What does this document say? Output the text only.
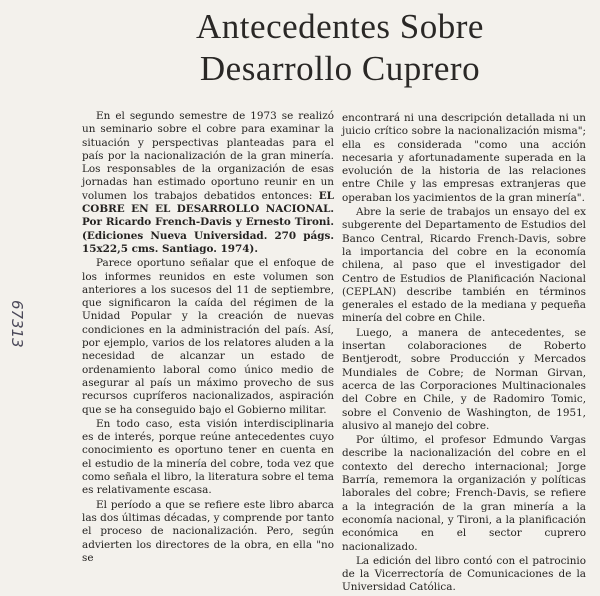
Antecedentes Sobre
Desarrollo Cuprero
67313

En el segundo semestre de 1973 se realizó un seminario sobre el cobre para examinar la situación y perspectivas planteadas para el país por la nacionalización de la gran minería. Los responsables de la organización de esas jornadas han estimado oportuno reunir en un volumen los trabajos debatidos entonces: EL COBRE EN EL DESARROLLO NACIONAL. Por Ricardo French-Davis y Ernesto Tironi. (Ediciones Nueva Universidad. 270 págs. 15x22,5 cms. Santiago. 1974).

Parece oportuno señalar que el enfoque de los informes reunidos en este volumen son anteriores a los sucesos del 11 de septiembre, que significaron la caída del régimen de la Unidad Popular y la creación de nuevas condiciones en la administración del país. Así, por ejemplo, varios de los relatores aluden a la necesidad de alcanzar un estado de ordenamiento laboral como único medio de asegurar al país un máximo provecho de sus recursos cupríferos nacionalizados, aspiración que se ha conseguido bajo el Gobierno militar.

En todo caso, esta visión interdisciplinaria es de interés, porque reúne antecedentes cuyo conocimiento es oportuno tener en cuenta en el estudio de la minería del cobre, toda vez que como señala el libro, la literatura sobre el tema es relativamente escasa.

El período a que se refiere este libro abarca las dos últimas décadas, y comprende por tanto el proceso de nacionalización. Pero, según advierten los directores de la obra, en ella "no se

encontrará ni una descripción detallada ni un juicio crítico sobre la nacionalización misma"; ella es considerada "como una acción necesaria y afortunadamente superada en la evolución de la historia de las relaciones entre Chile y las empresas extranjeras que operaban los yacimientos de la gran minería".

Abre la serie de trabajos un ensayo del ex subgerente del Departamento de Estudios del Banco Central, Ricardo French-Davis, sobre la importancia del cobre en la economía chilena, al paso que el investigador del Centro de Estudios de Planificación Nacional (CEPLAN) describe también en términos generales el estado de la mediana y pequeña minería del cobre en Chile.

Luego, a manera de antecedentes, se insertan colaboraciones de Roberto Bentjerodt, sobre Producción y Mercados Mundiales de Cobre; de Norman Girvan, acerca de las Corporaciones Multinacionales del Cobre en Chile, y de Radomiro Tomic, sobre el Convenio de Washington, de 1951, alusivo al manejo del cobre.

Por último, el profesor Edmundo Vargas describe la nacionalización del cobre en el contexto del derecho internacional; Jorge Barría, rememora la organización y políticas laborales del cobre; French-Davis, se refiere a la integración de la gran minería a la economía nacional, y Tironi, a la planificación económica en el sector cuprero nacionalizado.

La edición del libro contó con el patrocinio de la Vicerrectoría de Comunicaciones de la Universidad Católica.
